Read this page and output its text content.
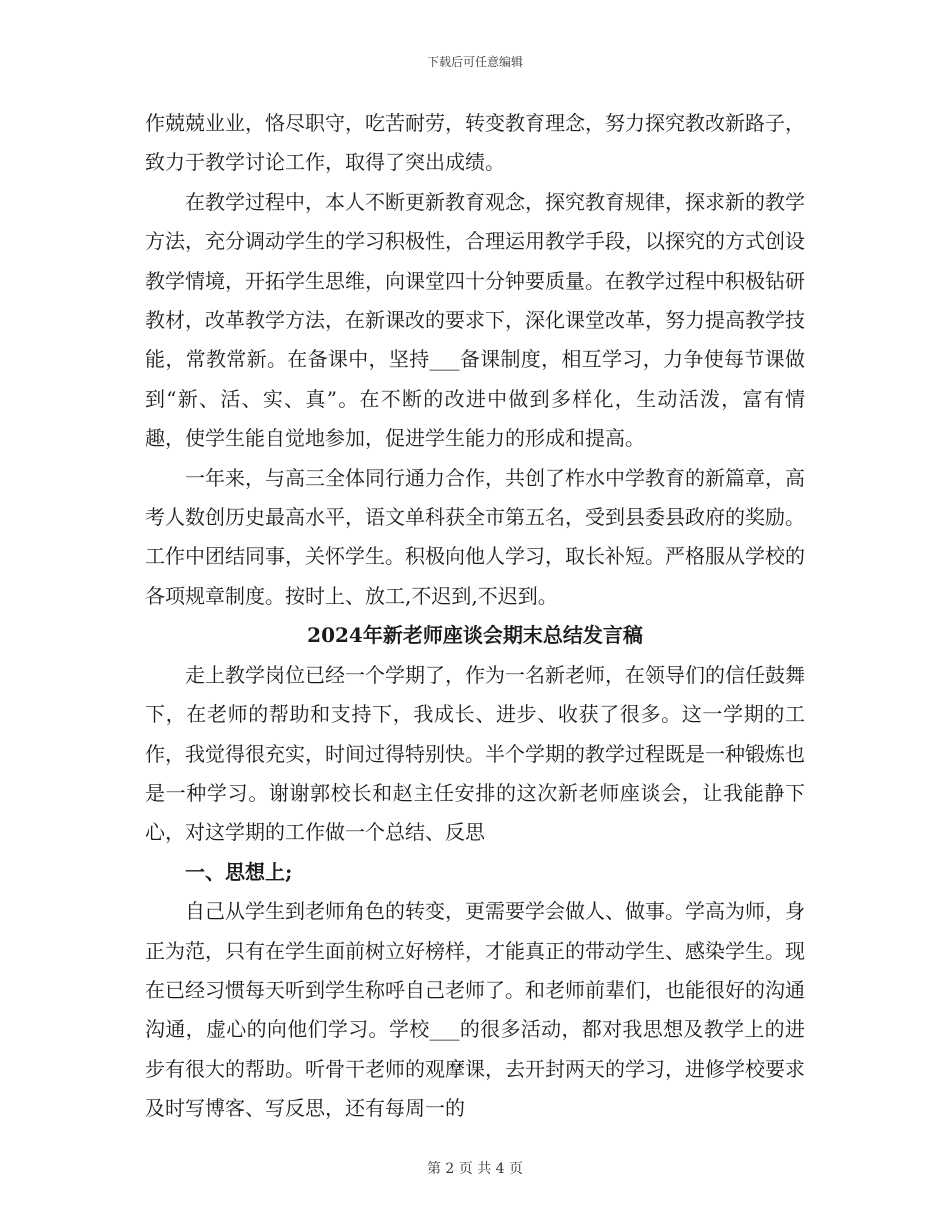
下载后可任意编辑

作兢兢业业，恪尽职守，吃苦耐劳，转变教育理念，努力探究教改新路子，致力于教学讨论工作，取得了突出成绩。

在教学过程中，本人不断更新教育观念，探究教育规律，探求新的教学方法，充分调动学生的学习积极性，合理运用教学手段，以探究的方式创设教学情境，开拓学生思维，向课堂四十分钟要质量。在教学过程中积极钻研教材，改革教学方法，在新课改的要求下，深化课堂改革，努力提高教学技能，常教常新。在备课中，坚持___备课制度，相互学习，力争使每节课做到“新、活、实、真”。在不断的改进中做到多样化，生动活泼，富有情趣，使学生能自觉地参加，促进学生能力的形成和提高。

一年来，与高三全体同行通力合作，共创了柞水中学教育的新篇章，高考人数创历史最高水平，语文单科获全市第五名，受到县委县政府的奖励。工作中团结同事，关怀学生。积极向他人学习，取长补短。严格服从学校的各项规章制度。按时上、放工,不迟到,不迟到。

2024年新老师座谈会期末总结发言稿

走上教学岗位已经一个学期了，作为一名新老师，在领导们的信任鼓舞下，在老师的帮助和支持下，我成长、进步、收获了很多。这一学期的工作，我觉得很充实，时间过得特别快。半个学期的教学过程既是一种锻炼也是一种学习。谢谢郭校长和赵主任安排的这次新老师座谈会，让我能静下心，对这学期的工作做一个总结、反思

一、思想上;

自己从学生到老师角色的转变，更需要学会做人、做事。学高为师，身正为范，只有在学生面前树立好榜样，才能真正的带动学生、感染学生。现在已经习惯每天听到学生称呼自己老师了。和老师前辈们，也能很好的沟通沟通，虚心的向他们学习。学校___的很多活动，都对我思想及教学上的进步有很大的帮助。听骨干老师的观摩课，去开封两天的学习，进修学校要求及时写博客、写反思，还有每周一的

第 2 页 共 4 页
